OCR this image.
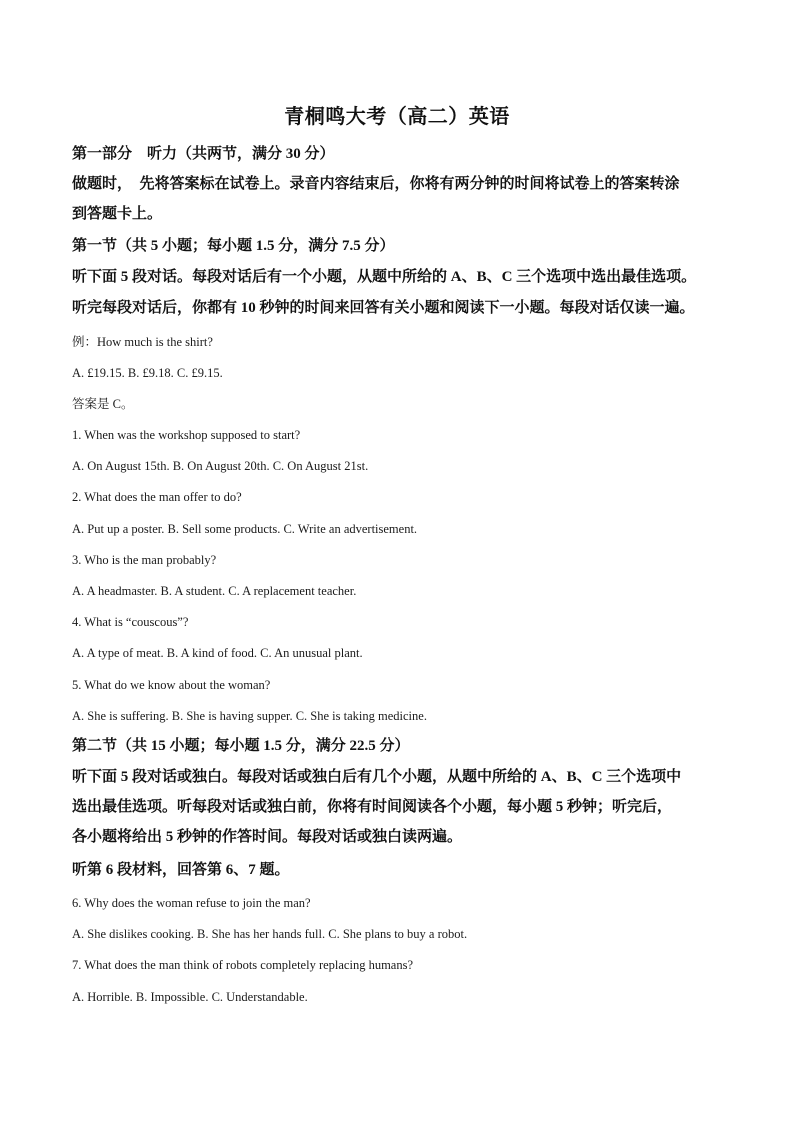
青桐鸣大考（高二）英语
第一部分　听力（共两节，满分 30 分）
做题时，　先将答案标在试卷上。录音内容结束后，你将有两分钟的时间将试卷上的答案转涂
到答题卡上。
第一节（共 5 小题；每小题 1.5 分，满分 7.5 分）
听下面 5 段对话。每段对话后有一个小题，从题中所给的 A、B、C 三个选项中选出最佳选项。
听完每段对话后，你都有 10 秒钟的时间来回答有关小题和阅读下一小题。每段对话仅读一遍。
例：How much is the shirt?
A. £19.15. B. £9.18. C. £9.15.
答案是 C。
1. When was the workshop supposed to start?
A. On August 15th. B. On August 20th. C. On August 21st.
2. What does the man offer to do?
A. Put up a poster. B. Sell some products. C. Write an advertisement.
3. Who is the man probably?
A. A headmaster. B. A student. C. A replacement teacher.
4. What is “couscous”?
A. A type of meat. B. A kind of food. C. An unusual plant.
5. What do we know about the woman?
A. She is suffering. B. She is having supper. C. She is taking medicine.
第二节（共 15 小题；每小题 1.5 分，满分 22.5 分）
听下面 5 段对话或独白。每段对话或独白后有几个小题，从题中所给的 A、B、C 三个选项中
选出最佳选项。听每段对话或独白前，你将有时间阅读各个小题，每小题 5 秒钟；听完后，
各小题将给出 5 秒钟的作答时间。每段对话或独白读两遍。
听第 6 段材料，回答第 6、7 题。
6. Why does the woman refuse to join the man?
A. She dislikes cooking. B. She has her hands full. C. She plans to buy a robot.
7. What does the man think of robots completely replacing humans?
A. Horrible. B. Impossible. C. Understandable.
